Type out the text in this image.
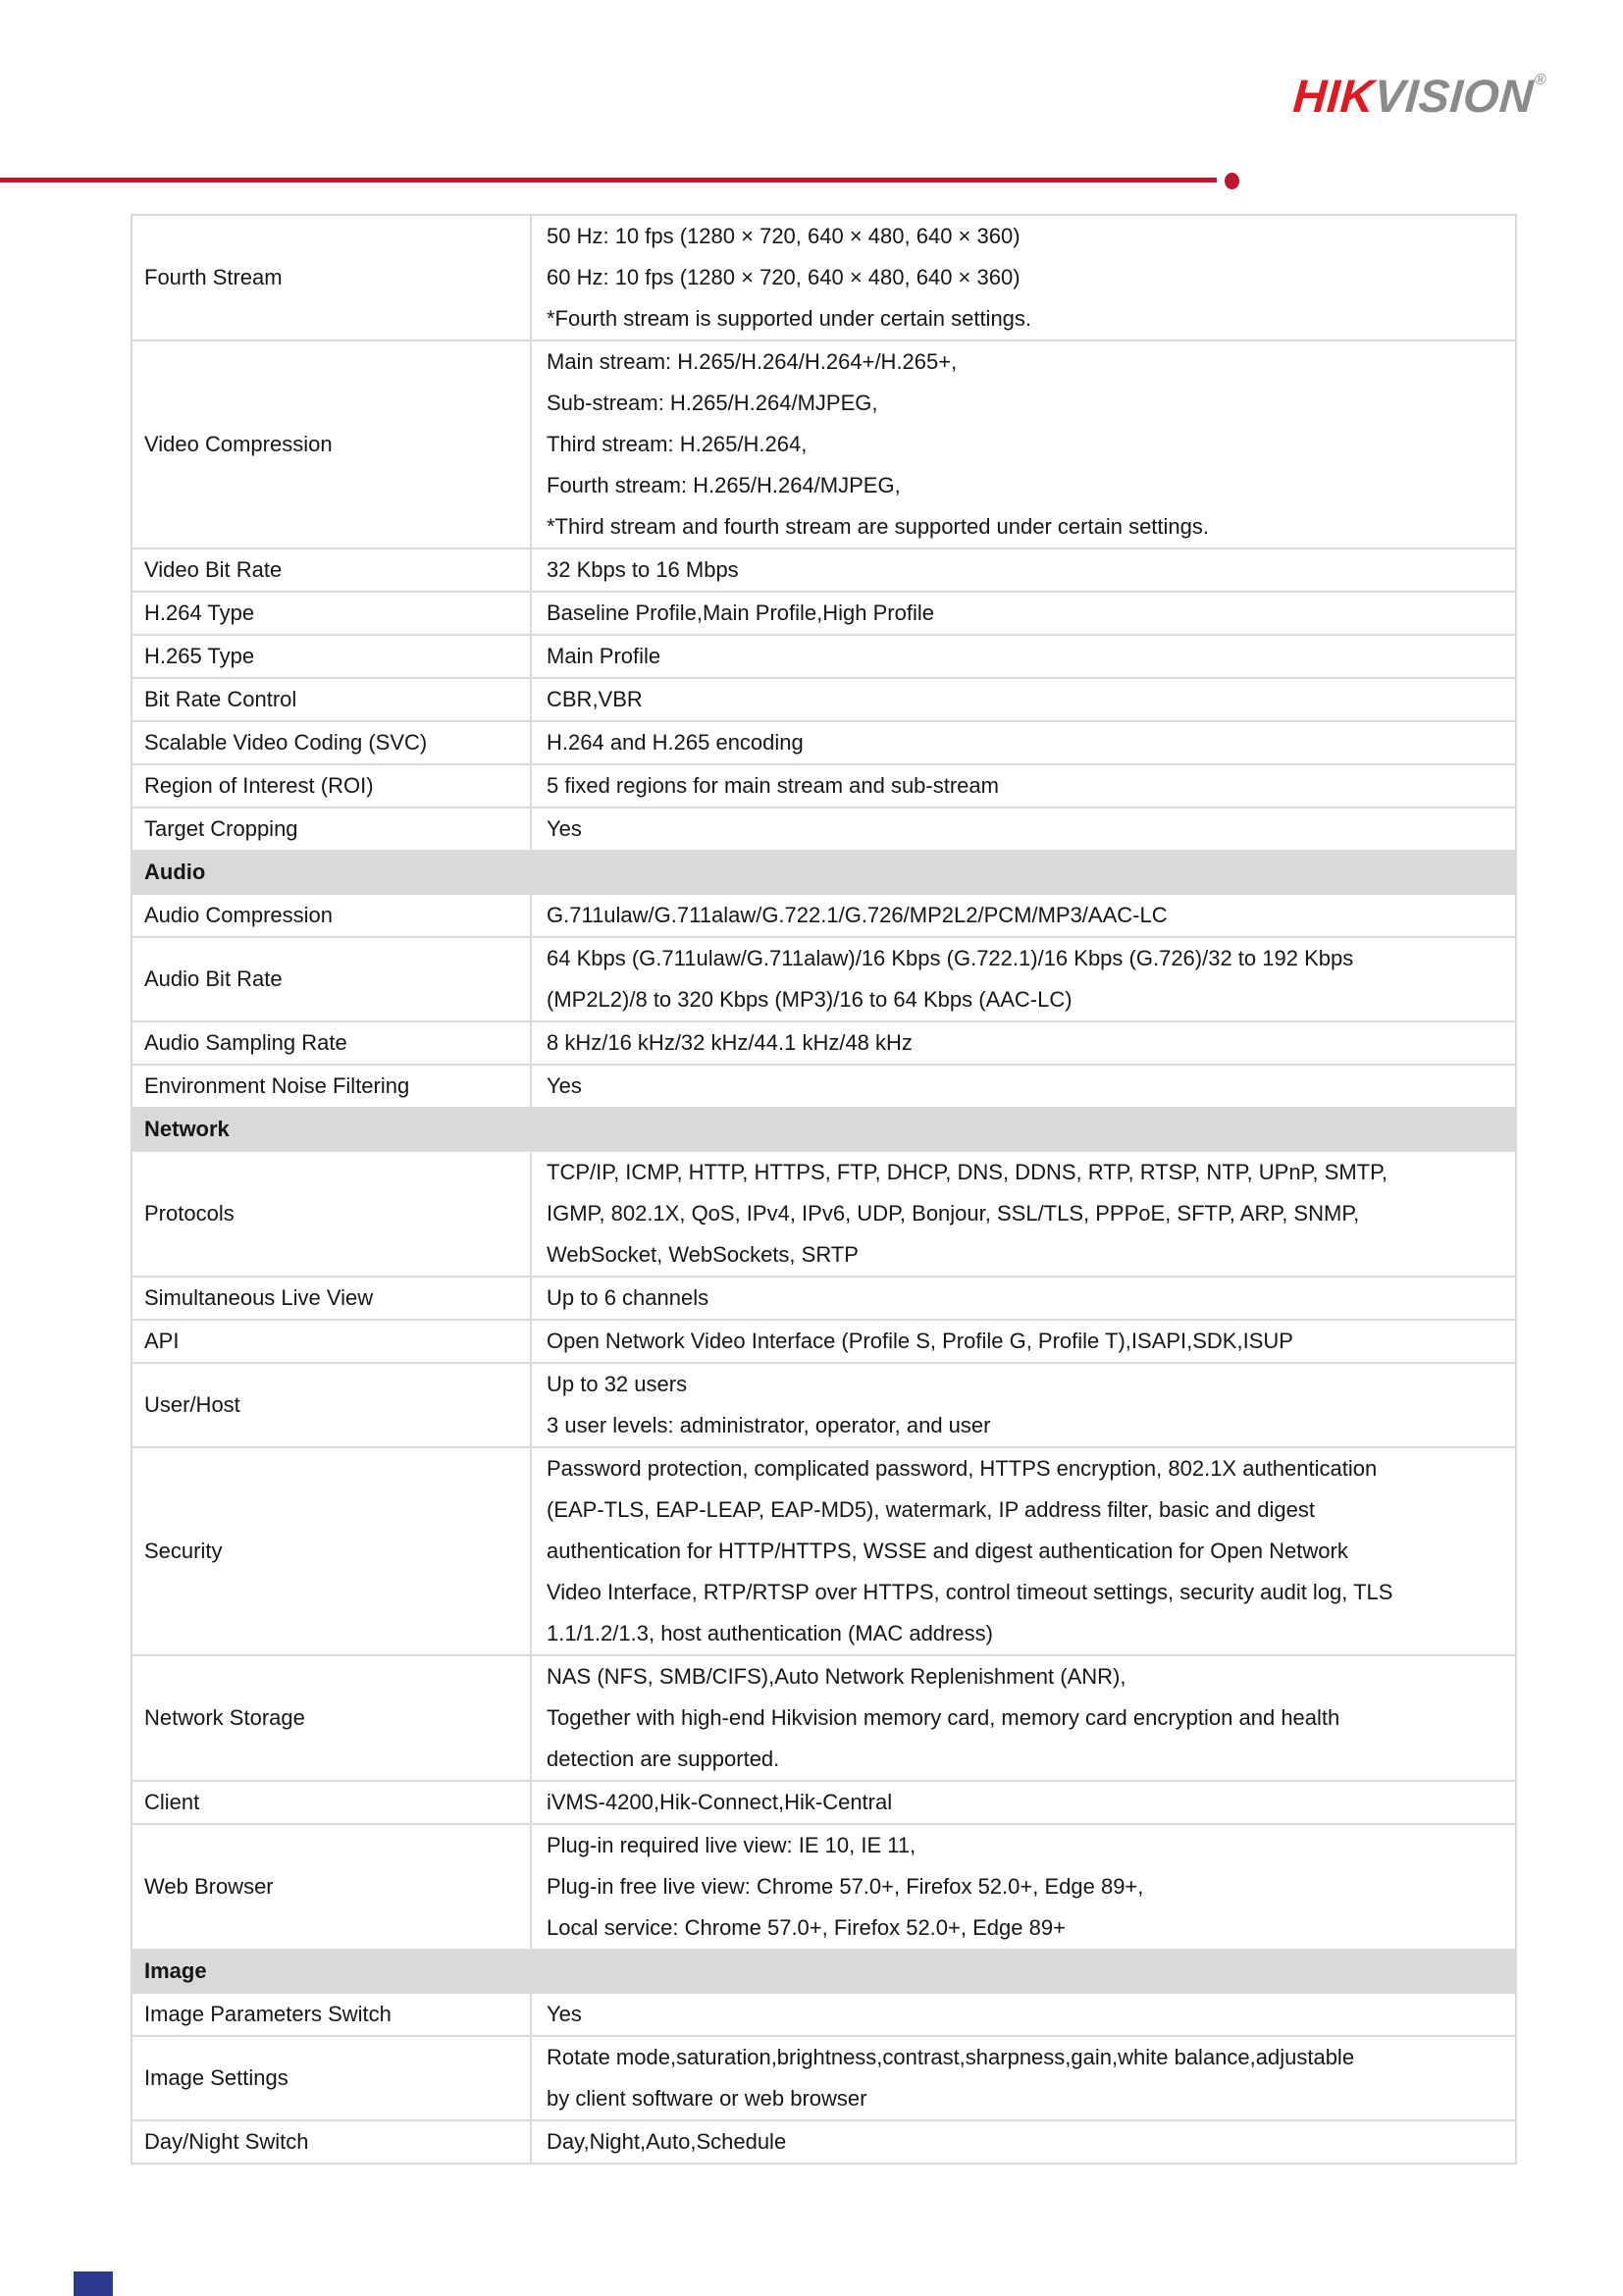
HIKVISION®
Fourth Stream	50 Hz: 10 fps (1280 × 720, 640 × 480, 640 × 360)
60 Hz: 10 fps (1280 × 720, 640 × 480, 640 × 360)
*Fourth stream is supported under certain settings.

Video Compression	Main stream: H.265/H.264/H.264+/H.265+,
Sub-stream: H.265/H.264/MJPEG,
Third stream: H.265/H.264,
Fourth stream: H.265/H.264/MJPEG,
*Third stream and fourth stream are supported under certain settings.

Video Bit Rate	32 Kbps to 16 Mbps

H.264 Type	Baseline Profile,Main Profile,High Profile

H.265 Type	Main Profile

Bit Rate Control	CBR,VBR

Scalable Video Coding (SVC)	H.264 and H.265 encoding

Region of Interest (ROI)	5 fixed regions for main stream and sub-stream

Target Cropping	Yes

Audio	
Audio Compression	G.711ulaw/G.711alaw/G.722.1/G.726/MP2L2/PCM/MP3/AAC-LC

Audio Bit Rate	64 Kbps (G.711ulaw/G.711alaw)/16 Kbps (G.722.1)/16 Kbps (G.726)/32 to 192 Kbps
(MP2L2)/8 to 320 Kbps (MP3)/16 to 64 Kbps (AAC-LC)

Audio Sampling Rate	8 kHz/16 kHz/32 kHz/44.1 kHz/48 kHz

Environment Noise Filtering	Yes

Network	
Protocols	TCP/IP, ICMP, HTTP, HTTPS, FTP, DHCP, DNS, DDNS, RTP, RTSP, NTP, UPnP, SMTP,
IGMP, 802.1X, QoS, IPv4, IPv6, UDP, Bonjour, SSL/TLS, PPPoE, SFTP, ARP, SNMP,
WebSocket, WebSockets, SRTP

Simultaneous Live View	Up to 6 channels

API	Open Network Video Interface (Profile S, Profile G, Profile T),ISAPI,SDK,ISUP

User/Host	Up to 32 users
3 user levels: administrator, operator, and user

Security	Password protection, complicated password, HTTPS encryption, 802.1X authentication
(EAP-TLS, EAP-LEAP, EAP-MD5), watermark, IP address filter, basic and digest
authentication for HTTP/HTTPS, WSSE and digest authentication for Open Network
Video Interface, RTP/RTSP over HTTPS, control timeout settings, security audit log, TLS
1.1/1.2/1.3, host authentication (MAC address)

Network Storage	NAS (NFS, SMB/CIFS),Auto Network Replenishment (ANR),
Together with high-end Hikvision memory card, memory card encryption and health
detection are supported.

Client	iVMS-4200,Hik-Connect,Hik-Central

Web Browser	Plug-in required live view: IE 10, IE 11,
Plug-in free live view: Chrome 57.0+, Firefox 52.0+, Edge 89+,
Local service: Chrome 57.0+, Firefox 52.0+, Edge 89+

Image	
Image Parameters Switch	Yes

Image Settings	Rotate mode,saturation,brightness,contrast,sharpness,gain,white balance,adjustable
by client software or web browser

Day/Night Switch	Day,Night,Auto,Schedule
